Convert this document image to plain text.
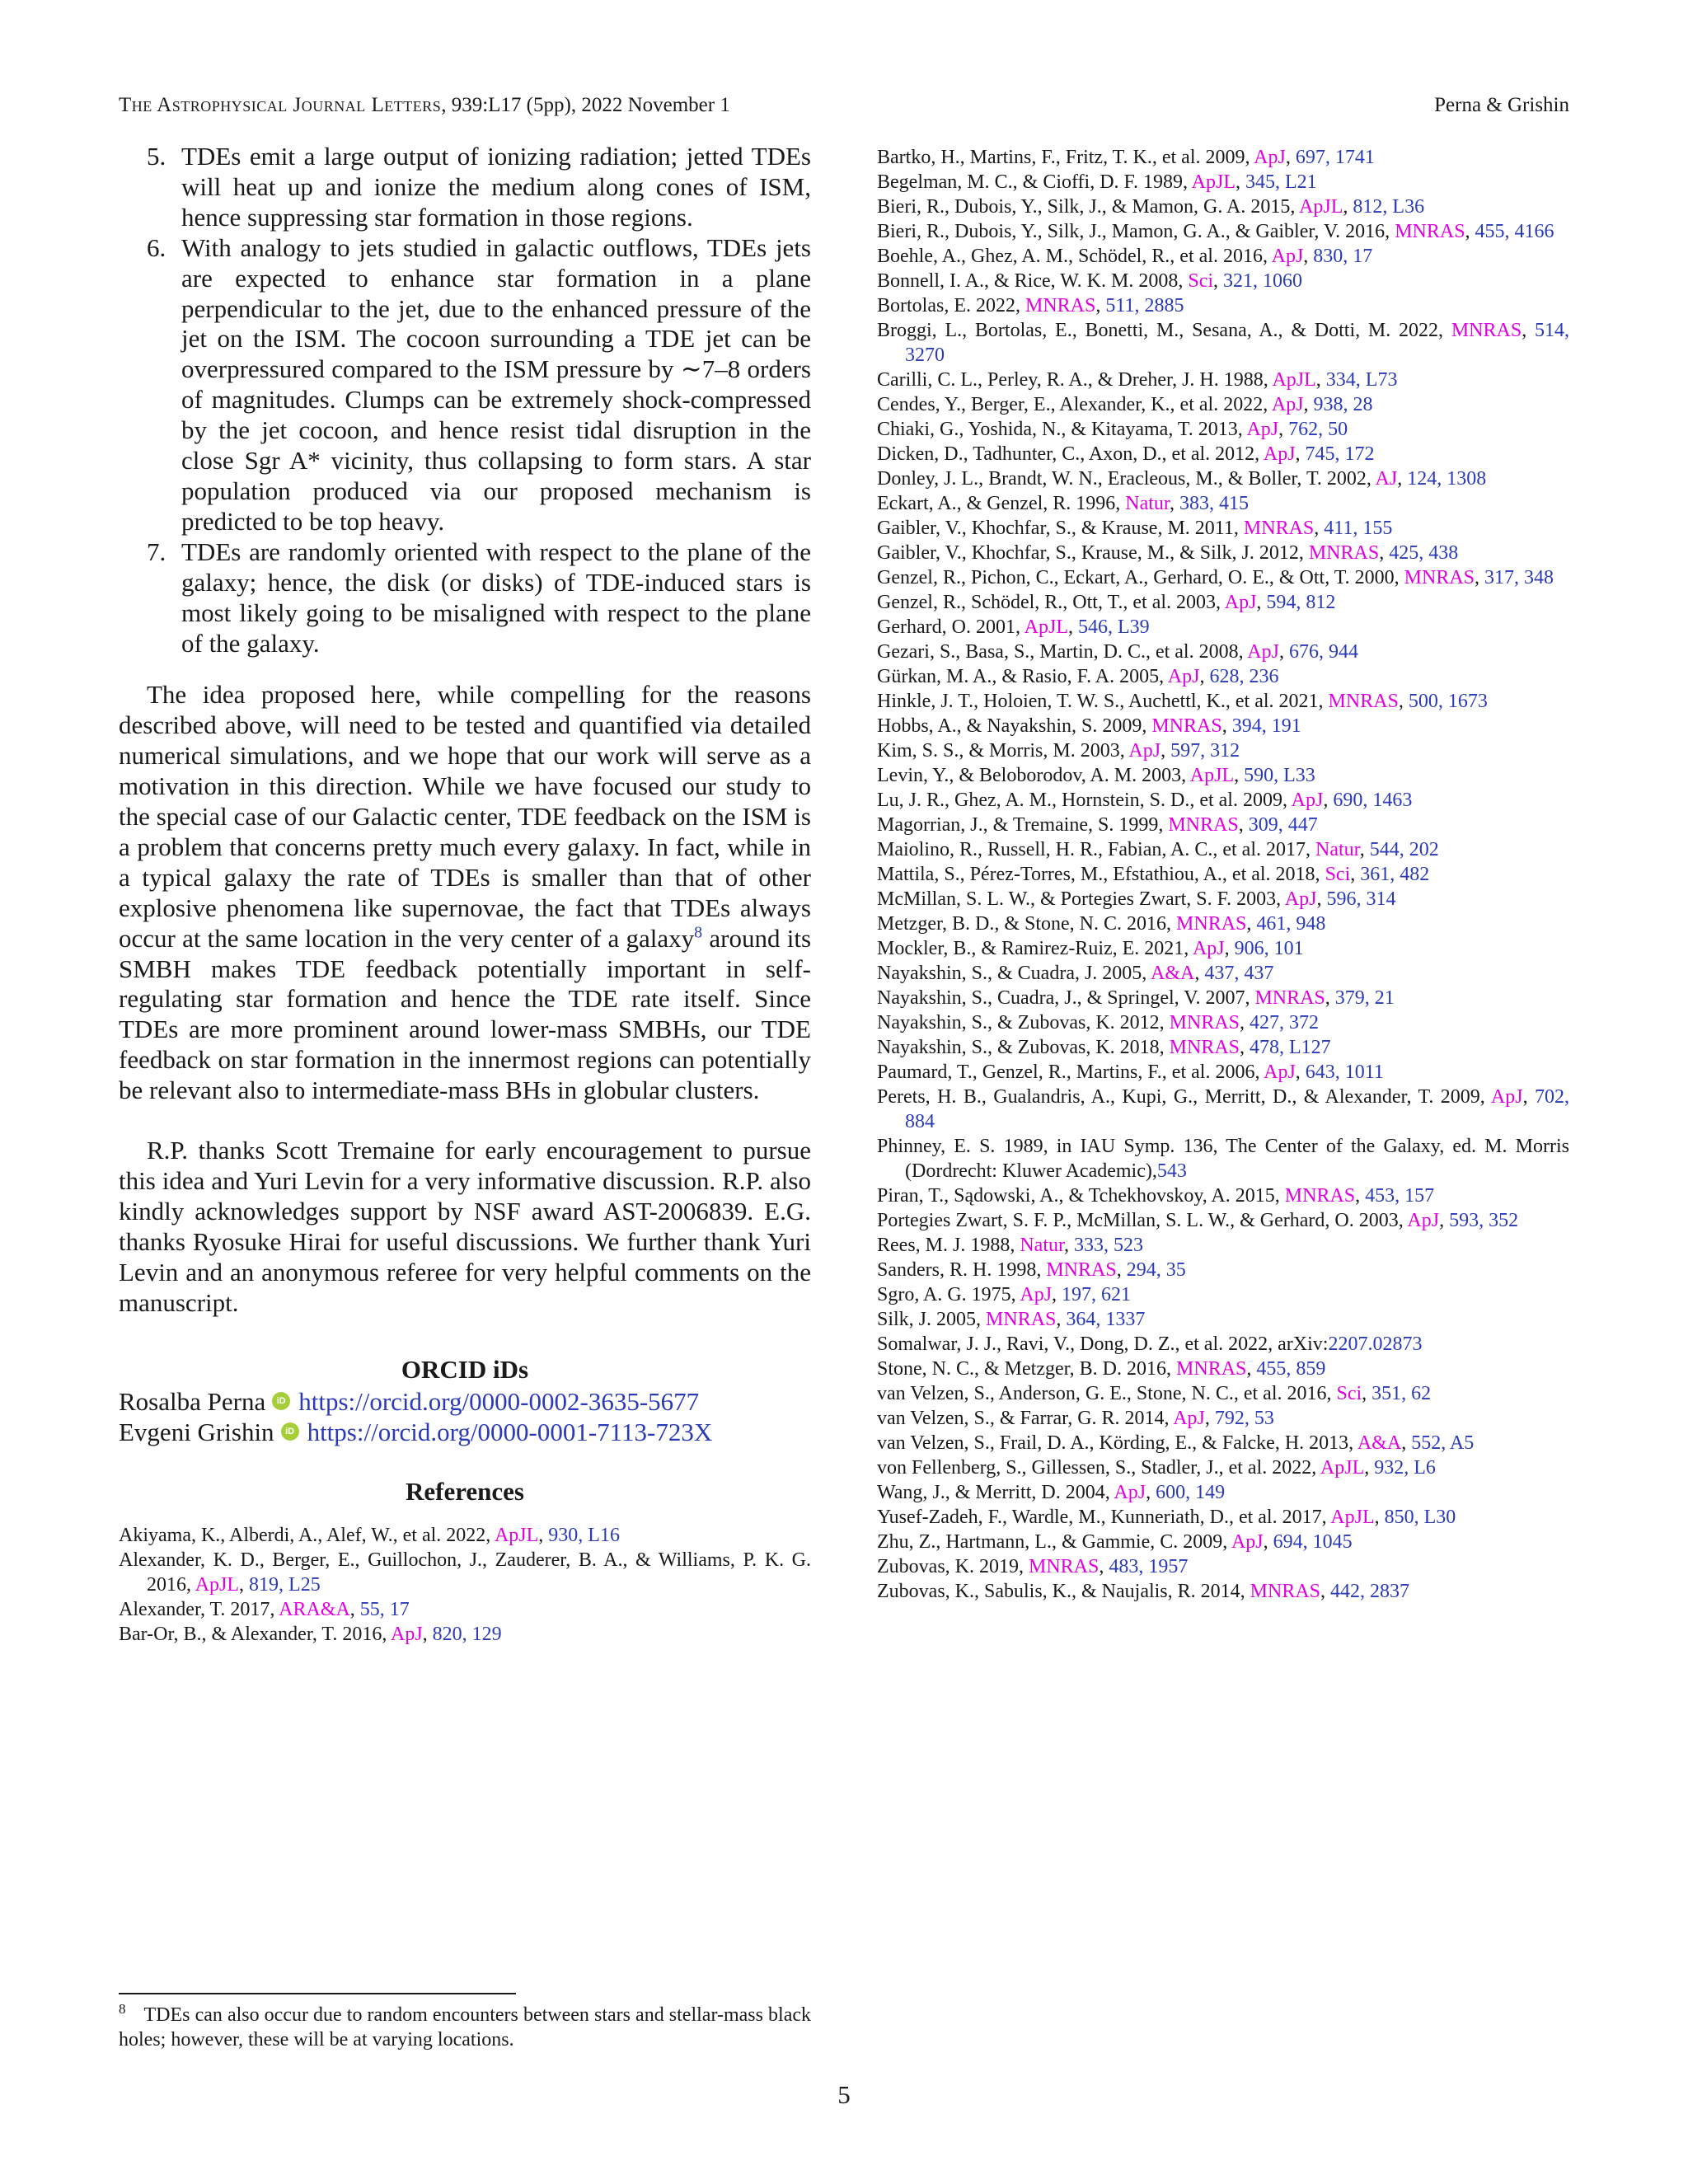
The Astrophysical Journal Letters, 939:L17 (5pp), 2022 November 1	Perna & Grishin
5. TDEs emit a large output of ionizing radiation; jetted TDEs will heat up and ionize the medium along cones of ISM, hence suppressing star formation in those regions.
6. With analogy to jets studied in galactic outflows, TDEs jets are expected to enhance star formation in a plane perpendicular to the jet, due to the enhanced pressure of the jet on the ISM. The cocoon surrounding a TDE jet can be overpressured compared to the ISM pressure by ∼7–8 orders of magnitudes. Clumps can be extremely shock-compressed by the jet cocoon, and hence resist tidal disruption in the close Sgr A* vicinity, thus collapsing to form stars. A star population produced via our proposed mechanism is predicted to be top heavy.
7. TDEs are randomly oriented with respect to the plane of the galaxy; hence, the disk (or disks) of TDE-induced stars is most likely going to be misaligned with respect to the plane of the galaxy.

The idea proposed here, while compelling for the reasons described above, will need to be tested and quantified via detailed numerical simulations, and we hope that our work will serve as a motivation in this direction. While we have focused our study to the special case of our Galactic center, TDE feedback on the ISM is a problem that concerns pretty much every galaxy. In fact, while in a typical galaxy the rate of TDEs is smaller than that of other explosive phenomena like supernovae, the fact that TDEs always occur at the same location in the very center of a galaxy$^8$ around its SMBH makes TDE feedback potentially important in self-regulating star formation and hence the TDE rate itself. Since TDEs are more prominent around lower-mass SMBHs, our TDE feedback on star formation in the innermost regions can potentially be relevant also to intermediate-mass BHs in globular clusters.

R.P. thanks Scott Tremaine for early encouragement to pursue this idea and Yuri Levin for a very informative discussion. R.P. also kindly acknowledges support by NSF award AST-2006839. E.G. thanks Ryosuke Hirai for useful discussions. We further thank Yuri Levin and an anonymous referee for very helpful comments on the manuscript.

ORCID iDs
Rosalba Perna	iD https://orcid.org/0000-0002-3635-5677
Evgeni Grishin	iD https://orcid.org/0000-0001-7113-723X
References
Akiyama, K., Alberdi, A., Alef, W., et al. 2022, ApJL, 930, L16
Alexander, K. D., Berger, E., Guillochon, J., Zauderer, B. A., & Williams, P. K. G. 2016, ApJL, 819, L25
Alexander, T. 2017, ARA&A, 55, 17
Bar-Or, B., & Alexander, T. 2016, ApJ, 820, 129
Bartko, H., Martins, F., Fritz, T. K., et al. 2009, ApJ, 697, 1741
Begelman, M. C., & Cioffi, D. F. 1989, ApJL, 345, L21
Bieri, R., Dubois, Y., Silk, J., & Mamon, G. A. 2015, ApJL, 812, L36
Bieri, R., Dubois, Y., Silk, J., Mamon, G. A., & Gaibler, V. 2016, MNRAS, 455, 4166
Boehle, A., Ghez, A. M., Schödel, R., et al. 2016, ApJ, 830, 17
Bonnell, I. A., & Rice, W. K. M. 2008, Sci, 321, 1060
Bortolas, E. 2022, MNRAS, 511, 2885
Broggi, L., Bortolas, E., Bonetti, M., Sesana, A., & Dotti, M. 2022, MNRAS, 514, 3270
Carilli, C. L., Perley, R. A., & Dreher, J. H. 1988, ApJL, 334, L73
Cendes, Y., Berger, E., Alexander, K., et al. 2022, ApJ, 938, 28
Chiaki, G., Yoshida, N., & Kitayama, T. 2013, ApJ, 762, 50
Dicken, D., Tadhunter, C., Axon, D., et al. 2012, ApJ, 745, 172
Donley, J. L., Brandt, W. N., Eracleous, M., & Boller, T. 2002, AJ, 124, 1308
Eckart, A., & Genzel, R. 1996, Natur, 383, 415
Gaibler, V., Khochfar, S., & Krause, M. 2011, MNRAS, 411, 155
Gaibler, V., Khochfar, S., Krause, M., & Silk, J. 2012, MNRAS, 425, 438
Genzel, R., Pichon, C., Eckart, A., Gerhard, O. E., & Ott, T. 2000, MNRAS, 317, 348
Genzel, R., Schödel, R., Ott, T., et al. 2003, ApJ, 594, 812
Gerhard, O. 2001, ApJL, 546, L39
Gezari, S., Basa, S., Martin, D. C., et al. 2008, ApJ, 676, 944
Gürkan, M. A., & Rasio, F. A. 2005, ApJ, 628, 236
Hinkle, J. T., Holoien, T. W. S., Auchettl, K., et al. 2021, MNRAS, 500, 1673
Hobbs, A., & Nayakshin, S. 2009, MNRAS, 394, 191
Kim, S. S., & Morris, M. 2003, ApJ, 597, 312
Levin, Y., & Beloborodov, A. M. 2003, ApJL, 590, L33
Lu, J. R., Ghez, A. M., Hornstein, S. D., et al. 2009, ApJ, 690, 1463
Magorrian, J., & Tremaine, S. 1999, MNRAS, 309, 447
Maiolino, R., Russell, H. R., Fabian, A. C., et al. 2017, Natur, 544, 202
Mattila, S., Pérez-Torres, M., Efstathiou, A., et al. 2018, Sci, 361, 482
McMillan, S. L. W., & Portegies Zwart, S. F. 2003, ApJ, 596, 314
Metzger, B. D., & Stone, N. C. 2016, MNRAS, 461, 948
Mockler, B., & Ramirez-Ruiz, E. 2021, ApJ, 906, 101
Nayakshin, S., & Cuadra, J. 2005, A&A, 437, 437
Nayakshin, S., Cuadra, J., & Springel, V. 2007, MNRAS, 379, 21
Nayakshin, S., & Zubovas, K. 2012, MNRAS, 427, 372
Nayakshin, S., & Zubovas, K. 2018, MNRAS, 478, L127
Paumard, T., Genzel, R., Martins, F., et al. 2006, ApJ, 643, 1011
Perets, H. B., Gualandris, A., Kupi, G., Merritt, D., & Alexander, T. 2009, ApJ, 702, 884
Phinney, E. S. 1989, in IAU Symp. 136, The Center of the Galaxy, ed. M. Morris (Dordrecht: Kluwer Academic),543
Piran, T., Sądowski, A., & Tchekhovskoy, A. 2015, MNRAS, 453, 157
Portegies Zwart, S. F. P., McMillan, S. L. W., & Gerhard, O. 2003, ApJ, 593, 352
Rees, M. J. 1988, Natur, 333, 523
Sanders, R. H. 1998, MNRAS, 294, 35
Sgro, A. G. 1975, ApJ, 197, 621
Silk, J. 2005, MNRAS, 364, 1337
Somalwar, J. J., Ravi, V., Dong, D. Z., et al. 2022, arXiv:2207.02873
Stone, N. C., & Metzger, B. D. 2016, MNRAS, 455, 859
van Velzen, S., Anderson, G. E., Stone, N. C., et al. 2016, Sci, 351, 62
van Velzen, S., & Farrar, G. R. 2014, ApJ, 792, 53
van Velzen, S., Frail, D. A., Körding, E., & Falcke, H. 2013, A&A, 552, A5
von Fellenberg, S., Gillessen, S., Stadler, J., et al. 2022, ApJL, 932, L6
Wang, J., & Merritt, D. 2004, ApJ, 600, 149
Yusef-Zadeh, F., Wardle, M., Kunneriath, D., et al. 2017, ApJL, 850, L30
Zhu, Z., Hartmann, L., & Gammie, C. 2009, ApJ, 694, 1045
Zubovas, K. 2019, MNRAS, 483, 1957
Zubovas, K., Sabulis, K., & Naujalis, R. 2014, MNRAS, 442, 2837
$^8$ TDEs can also occur due to random encounters between stars and stellar-mass black holes; however, these will be at varying locations.
5
